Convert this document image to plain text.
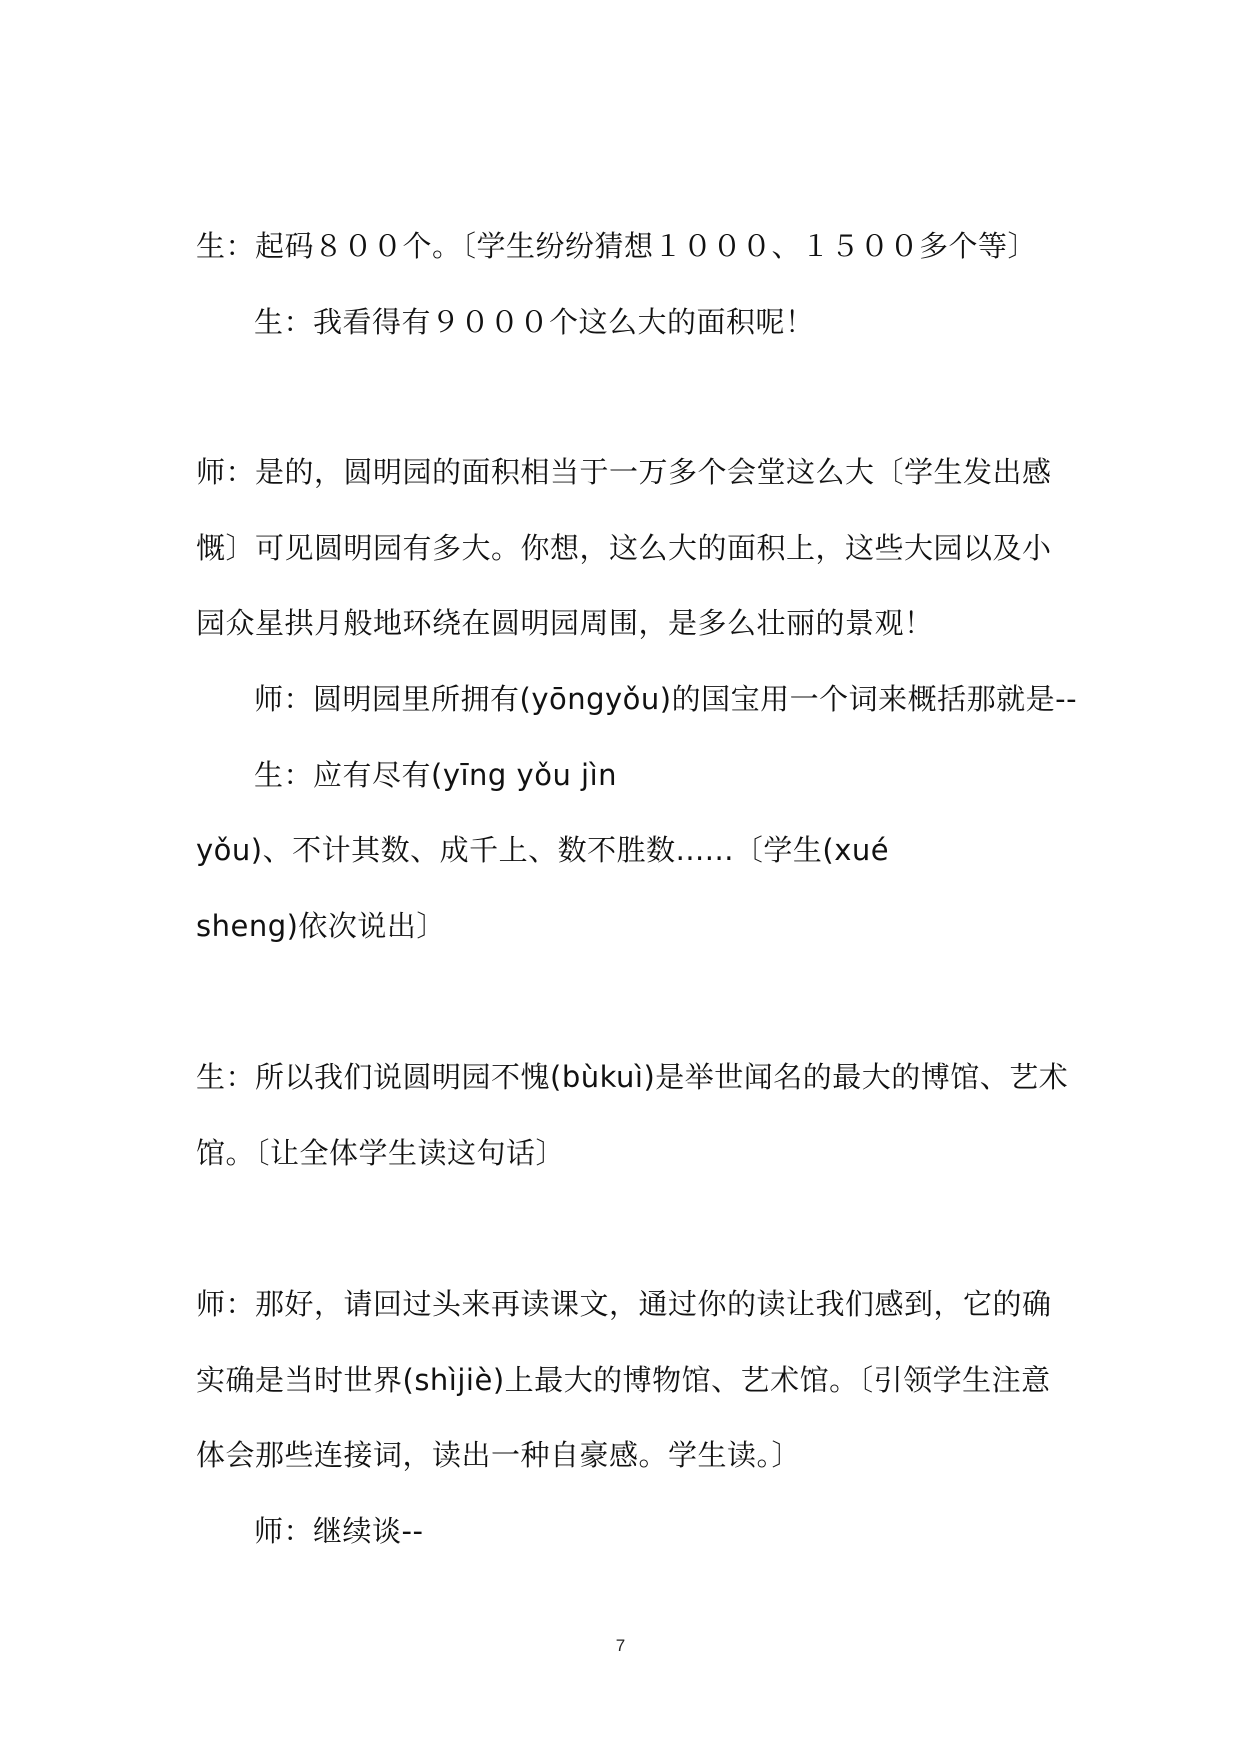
生：起码８００个。〔学生纷纷猜想１０００、１５００多个等〕
生：我看得有９０００个这么大的面积呢！
师：是的，圆明园的面积相当于一万多个会堂这么大〔学生发出感
慨〕可见圆明园有多大。你想，这么大的面积上，这些大园以及小
园众星拱月般地环绕在圆明园周围，是多么壮丽的景观！
师：圆明园里所拥有(yōngyǒu)的国宝用一个词来概括那就是--
生：应有尽有(yīng yǒu jìn
yǒu)、不计其数、成千上、数不胜数......〔学生(xué
sheng)依次说出〕
生：所以我们说圆明园不愧(bùkuì)是举世闻名的最大的博馆、艺术
馆。〔让全体学生读这句话〕
师：那好，请回过头来再读课文，通过你的读让我们感到，它的确
实确是当时世界(shìjiè)上最大的博物馆、艺术馆。〔引领学生注意
体会那些连接词，读出一种自豪感。学生读。〕
师：继续谈--
7
